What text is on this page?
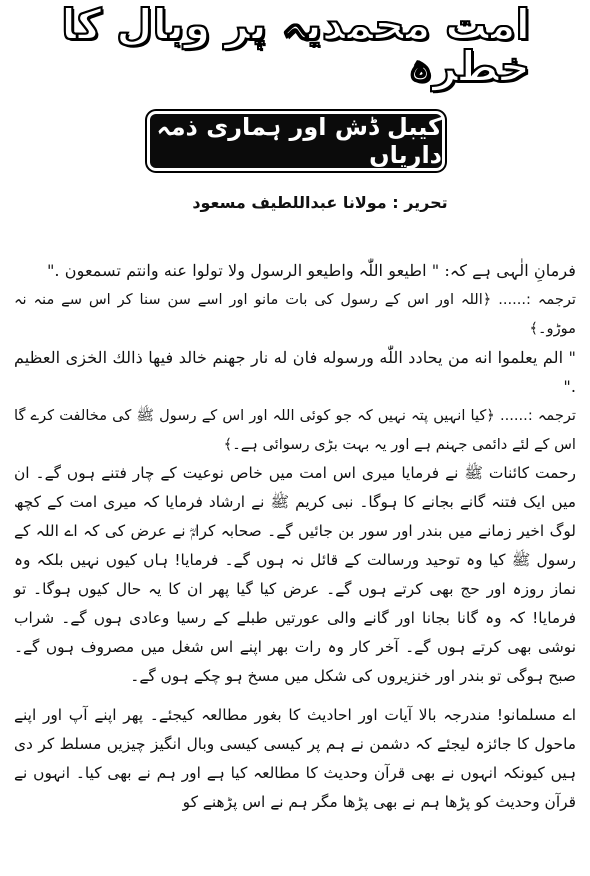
امت محمدیہ پر وبال کا خطرہ
کیبل ڈش اور ہماری ذمہ داریاں
تحریر : مولانا عبداللطیف مسعود

فرمانِ الٰہی ہے کہ: " اطیعو اللّٰہ واطیعو الرسول ولا تولوا عنه وانتم تسمعون ."

ترجمہ :...... ﴿اللہ اور اس کے رسول کی بات مانو اور اسے سن سنا کر اس سے منہ نہ موڑو۔﴾

" الم یعلموا انه من یحادد اللّٰه ورسوله فان له نار جهنم خالد فیها ذالك الخزی العظیم ."

ترجمہ :...... ﴿کیا انہیں پتہ نہیں کہ جو کوئی اللہ اور اس کے رسول ﷺ کی مخالفت کرے گا اس کے لئے دائمی جہنم ہے اور یہ بہت بڑی رسوائی ہے۔﴾

رحمت کائنات ﷺ نے فرمایا میری اس امت میں خاص نوعیت کے چار فتنے ہوں گے۔ ان میں ایک فتنہ گانے بجانے کا ہوگا۔ نبی کریم ﷺ نے ارشاد فرمایا کہ میری امت کے کچھ لوگ اخیر زمانے میں بندر اور سور بن جائیں گے۔ صحابہ کرامؓ نے عرض کی کہ اے اللہ کے رسول ﷺ کیا وہ توحید ورسالت کے قائل نہ ہوں گے۔ فرمایا! ہاں کیوں نہیں بلکہ وہ نماز روزہ اور حج بھی کرتے ہوں گے۔ عرض کیا گیا پھر ان کا یہ حال کیوں ہوگا۔ تو فرمایا! کہ وہ گانا بجانا اور گانے والی عورتیں طبلے کے رسیا وعادی ہوں گے۔ شراب نوشی بھی کرتے ہوں گے۔ آخر کار وہ رات بھر اپنے اس شغل میں مصروف ہوں گے۔ صبح ہوگی تو بندر اور خنزیروں کی شکل میں مسخ ہو چکے ہوں گے۔

اے مسلمانو! مندرجہ بالا آیات اور احادیث کا بغور مطالعہ کیجئے۔ پھر اپنے آپ اور اپنے ماحول کا جائزہ لیجئے کہ دشمن نے ہم پر کیسی کیسی وبال انگیز چیزیں مسلط کر دی ہیں کیونکہ انہوں نے بھی قرآن وحدیث کا مطالعہ کیا ہے اور ہم نے بھی کیا۔ انہوں نے قرآن وحدیث کو پڑھا ہم نے بھی پڑھا مگر ہم نے اس پڑھنے کو
